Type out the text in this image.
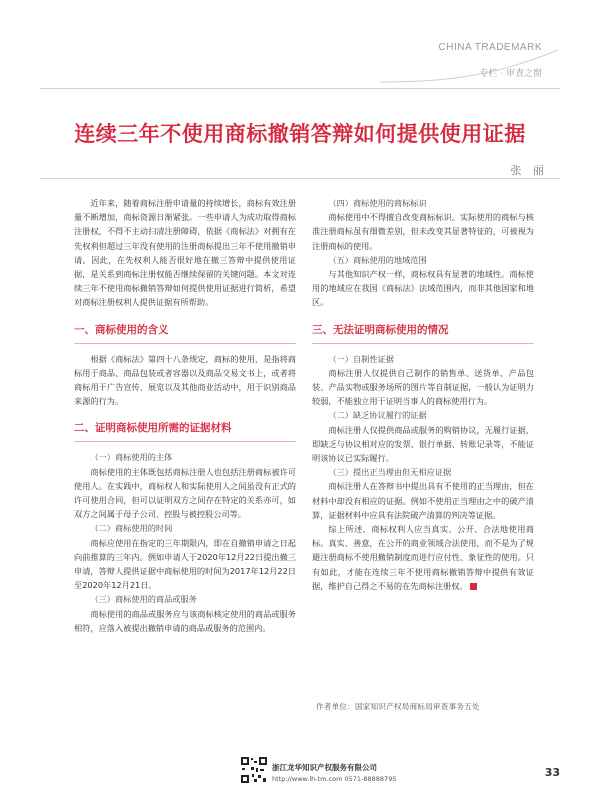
CHINA TRADEMARK
专栏 · 审查之窗
连续三年不使用商标撤销答辩如何提供使用证据
张 丽

近年来，随着商标注册申请量的持续增长，商标有效注册量不断增加，商标资源日渐紧张。一些申请人为成功取得商标注册权，不得不主动扫清注册障碍，依据《商标法》对拥有在先权利但超过三年没有使用的注册商标提出三年不使用撤销申请。因此，在先权利人能否很好地在撤三答辩中提供使用证据，是关系到商标注册权能否继续保留的关键问题。本文对连续三年不使用商标撤销答辩如何提供使用证据进行简析，希望对商标注册权利人提供证据有所帮助。

一、商标使用的含义

根据《商标法》第四十八条规定，商标的使用，是指将商标用于商品、商品包装或者容器以及商品交易文书上，或者将商标用于广告宣传、展览以及其他商业活动中，用于识别商品来源的行为。

二、证明商标使用所需的证据材料

（一）商标使用的主体

商标使用的主体既包括商标注册人也包括注册商标被许可使用人。在实践中，商标权人和实际使用人之间虽没有正式的许可使用合同，但可以证明双方之间存在特定的关系亦可，如双方之间属于母子公司、控股与被控股公司等。

（二）商标使用的时间

商标应使用在指定的三年期限内，即在自撤销申请之日起向前推算的三年内。例如申请人于2020年12月22日提出撤三申请，答辩人提供证据中商标使用的时间为2017年12月22日至2020年12月21日。

（三）商标使用的商品或服务

商标使用的商品或服务应与该商标核定使用的商品或服务相符，应落入被提出撤销申请的商品或服务的范围内。

（四）商标使用的商标标识

商标使用中不得擅自改变商标标识。实际使用的商标与核准注册商标虽有细微差别，但未改变其显著特征的，可被视为注册商标的使用。

（五）商标使用的地域范围

与其他知识产权一样，商标权具有显著的地域性。商标使用的地域应在我国《商标法》法域范围内，而非其他国家和地区。

三、无法证明商标使用的情况

（一）自制性证据

商标注册人仅提供自己制作的销售单、送货单、产品包装、产品实物或服务场所的图片等自制证据，一般认为证明力较弱，不能独立用于证明当事人的商标使用行为。

（二）缺乏协议履行的证据

商标注册人仅提供商品或服务的购销协议，无履行证据，即缺乏与协议相对应的发票、银行单据、转账记录等，不能证明该协议已实际履行。

（三）提出正当理由但无相应证据

商标注册人在答辩书中提出具有不使用的正当理由，但在材料中却没有相应的证据。例如不使用正当理由之中的破产清算，证据材料中应具有法院破产清算的判决等证据。

综上所述，商标权利人应当真实、公开、合法地使用商标。真实、善意，在公开的商业领域合法使用，而不是为了规避注册商标不使用撤销制度而进行应付性、象征性的使用。只有如此，才能在连续三年不使用商标撤销答辩中提供有效证据，维护自己得之不易的在先商标注册权。

作者单位：国家知识产权局商标局审查事务五处
浙江龙华知识产权服务有限公司
http://www.lh-tm.com 0571-88888795	33
